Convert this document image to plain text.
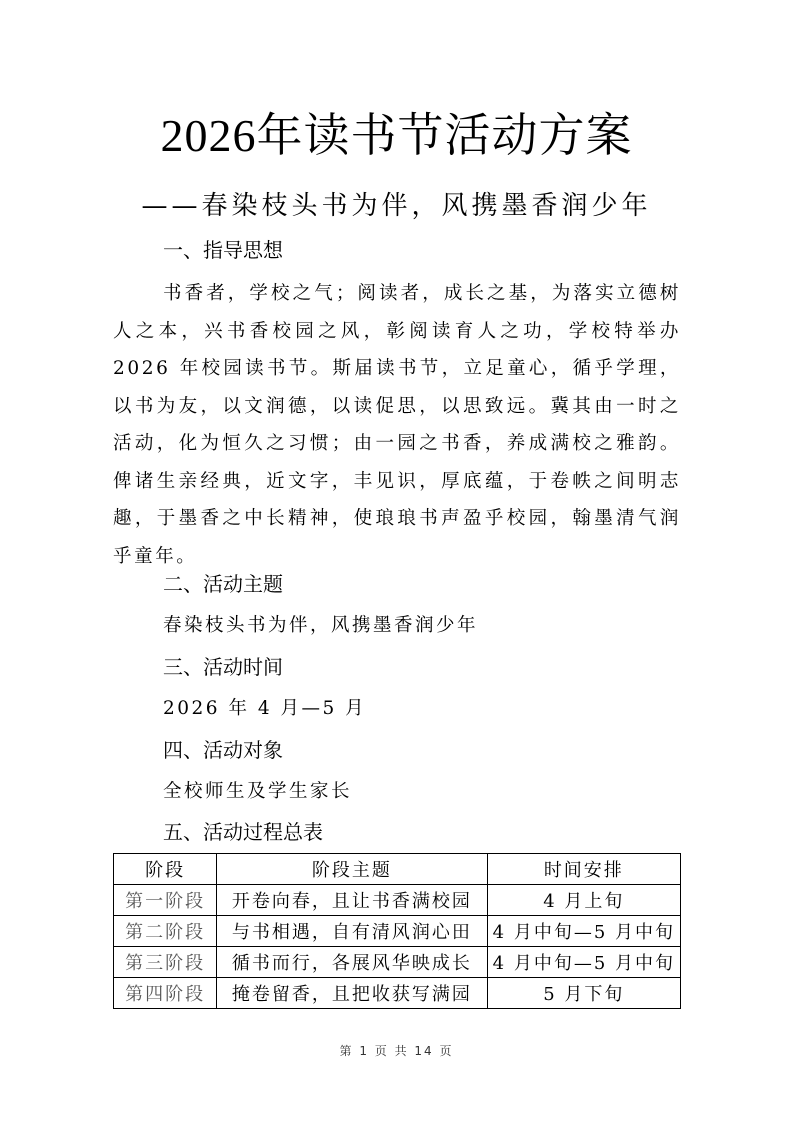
2026年读书节活动方案
——春染枝头书为伴，风携墨香润少年
一、指导思想
书香者，学校之气；阅读者，成长之基，为落实立德树人之本，兴书香校园之风，彰阅读育人之功，学校特举办 2026 年校园读书节。斯届读书节，立足童心，循乎学理，以书为友，以文润德，以读促思，以思致远。冀其由一时之活动，化为恒久之习惯；由一园之书香，养成满校之雅韵。俾诸生亲经典，近文字，丰见识，厚底蕴，于卷帙之间明志趣，于墨香之中长精神，使琅琅书声盈乎校园，翰墨清气润乎童年。
二、活动主题
春染枝头书为伴，风携墨香润少年
三、活动时间
2026 年 4 月—5 月
四、活动对象
全校师生及学生家长
五、活动过程总表
阶段	阶段主题	时间安排
第一阶段	开卷向春，且让书香满校园	4 月上旬
第二阶段	与书相遇，自有清风润心田	4 月中旬—5 月中旬
第三阶段	循书而行，各展风华映成长	4 月中旬—5 月中旬
第四阶段	掩卷留香，且把收获写满园	5 月下旬
第 1 页 共 14 页
